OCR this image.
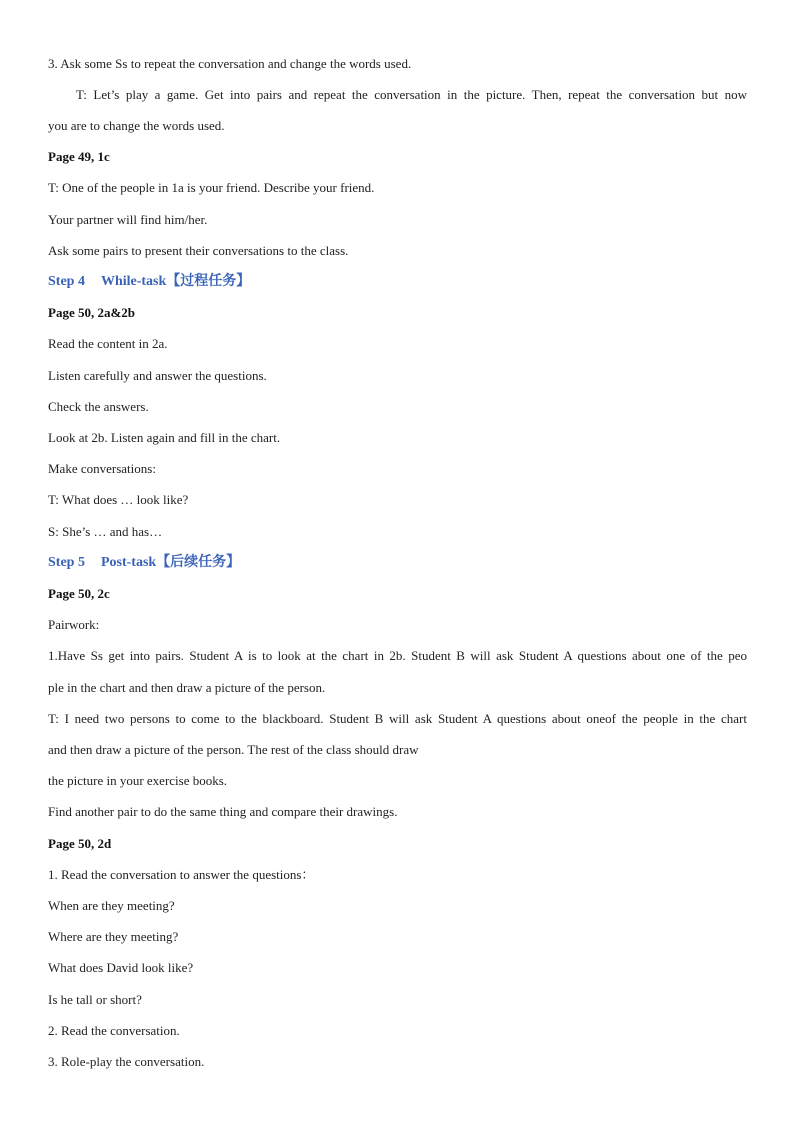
3. Ask some Ss to repeat the conversation and change the words used.
T: Let’s play a game. Get into pairs and repeat the conversation in the picture. Then, repeat the conversation but now
you are to change the words used.
Page 49, 1c
T: One of the people in 1a is your friend. Describe your friend.
Your partner will find him/her.
Ask some pairs to present their conversations to the class.
Step 4 While-task【过程任务】
Page 50, 2a&2b
Read the content in 2a.
Listen carefully and answer the questions.
Check the answers.
Look at 2b. Listen again and fill in the chart.
Make conversations:
T: What does … look like?
S: She’s … and has…
Step 5 Post-task【后续任务】
Page 50, 2c
Pairwork:
1.Have Ss get into pairs. Student A is to look at the chart in 2b. Student B will ask Student A questions about one of the peo
ple in the chart and then draw a picture of the person.
T: I need two persons to come to the blackboard. Student B will ask Student A questions about oneof the people in the chart
and then draw a picture of the person. The rest of the class should draw
the picture in your exercise books.
Find another pair to do the same thing and compare their drawings.
Page 50, 2d
1. Read the conversation to answer the questions：
When are they meeting?
Where are they meeting?
What does David look like?
Is he tall or short?
2. Read the conversation.
3. Role-play the conversation.
